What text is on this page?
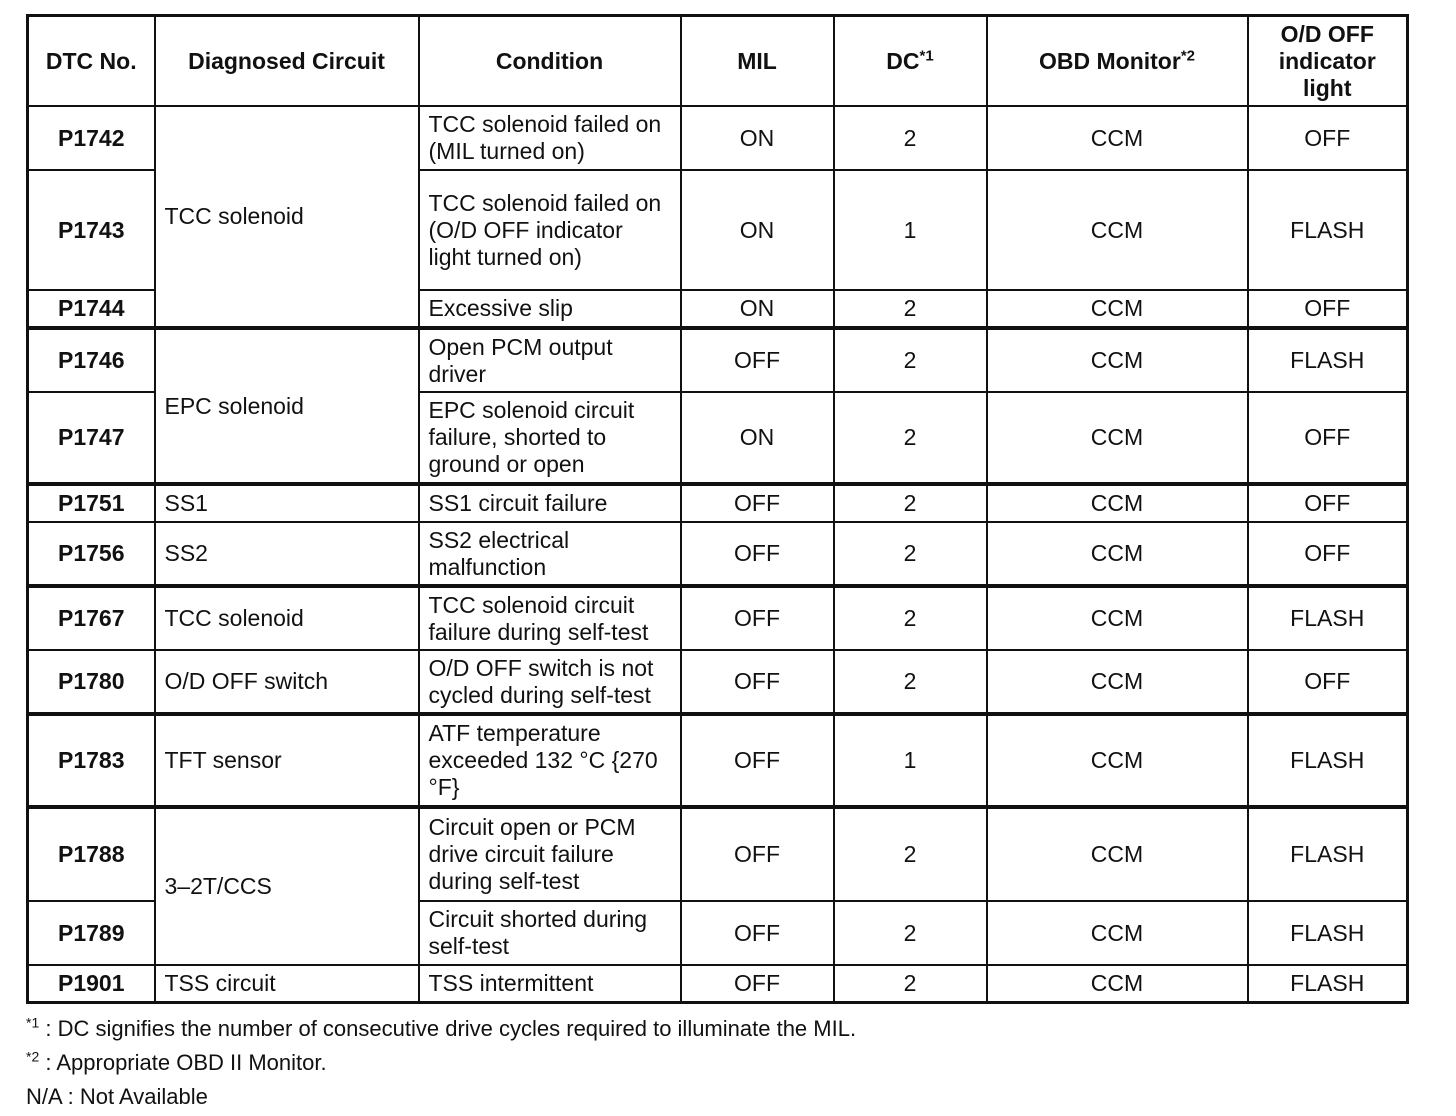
DTC No.	Diagnosed Circuit	Condition	MIL	DC$^{*1}$	OBD Monitor$^{*2}$	O/D OFF indicator light
P1742	TCC solenoid	TCC solenoid failed on (MIL turned on)	ON	2	CCM	OFF
P1743		TCC solenoid failed on (O/D OFF indicator light turned on)	ON	1	CCM	FLASH
P1744		Excessive slip	ON	2	CCM	OFF
P1746	EPC solenoid	Open PCM output driver	OFF	2	CCM	FLASH
P1747		EPC solenoid circuit failure, shorted to ground or open	ON	2	CCM	OFF
P1751	SS1	SS1 circuit failure	OFF	2	CCM	OFF
P1756	SS2	SS2 electrical malfunction	OFF	2	CCM	OFF
P1767	TCC solenoid	TCC solenoid circuit failure during self-test	OFF	2	CCM	FLASH
P1780	O/D OFF switch	O/D OFF switch is not cycled during self-test	OFF	2	CCM	OFF
P1783	TFT sensor	ATF temperature exceeded 132 °C {270 °F}	OFF	1	CCM	FLASH
P1788	3–2T/CCS	Circuit open or PCM drive circuit failure during self-test	OFF	2	CCM	FLASH
P1789		Circuit shorted during self-test	OFF	2	CCM	FLASH
P1901	TSS circuit	TSS intermittent	OFF	2	CCM	FLASH
$^{*1}$ : DC signifies the number of consecutive drive cycles required to illuminate the MIL.
$^{*2}$ : Appropriate OBD II Monitor.
N/A : Not Available
